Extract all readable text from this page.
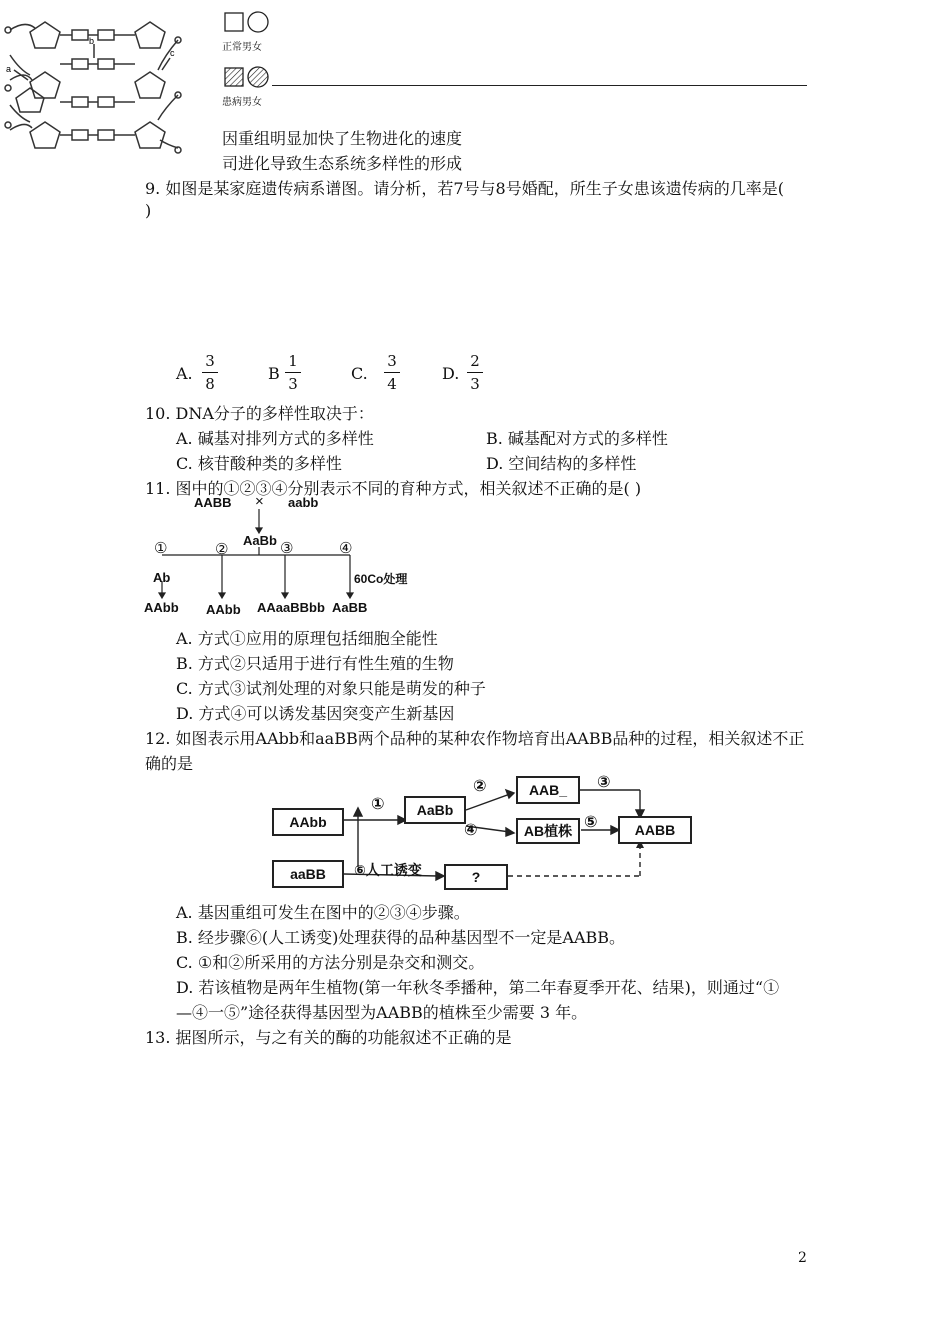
b
a
c	正常男女
患病男女
因重组明显加快了生物进化的速度
司进化导致生态系统多样性的形成
9. 如图是某家庭遗传病系谱图。请分析，若7号与8号婚配，所生子女患该遗传病的几率是(
)
A.
3
8
B
1
3
C.
3
4
D.
2
3
10. DNA分子的多样性取决于：
A. 碱基对排列方式的多样性	B. 碱基配对方式的多样性
C. 核苷酸种类的多样性	D. 空间结构的多样性
11. 图中的①②③④分别表示不同的育种方式，相关叙述不正确的是( )
AABB × aabb
AaBb
①	②	③	④
Ab	60Co处理
AAbb AAbb AAaaBBbb AaBB
A. 方式①应用的原理包括细胞全能性
B. 方式②只适用于进行有性生殖的生物
C. 方式③试剂处理的对象只能是萌发的种子
D. 方式④可以诱发基因突变产生新基因
12. 如图表示用AAbb和aaBB两个品种的某种农作物培育出AABB品种的过程，相关叙述不正
确的是
AAbb
aaBB
AaBb
AAB_
AB植株	AABB
?
①
②	③
④	⑤
⑥人工诱变
A. 基因重组可发生在图中的②③④步骤。
B. 经步骤⑥(人工诱变)处理获得的品种基因型不一定是AABB。
C. ①和②所采用的方法分别是杂交和测交。
D. 若该植物是两年生植物(第一年秋冬季播种，第二年春夏季开花、结果)，则通过“①
—④一⑤”途径获得基因型为AABB的植株至少需要 3 年。
13. 据图所示，与之有关的酶的功能叙述不正确的是
2
